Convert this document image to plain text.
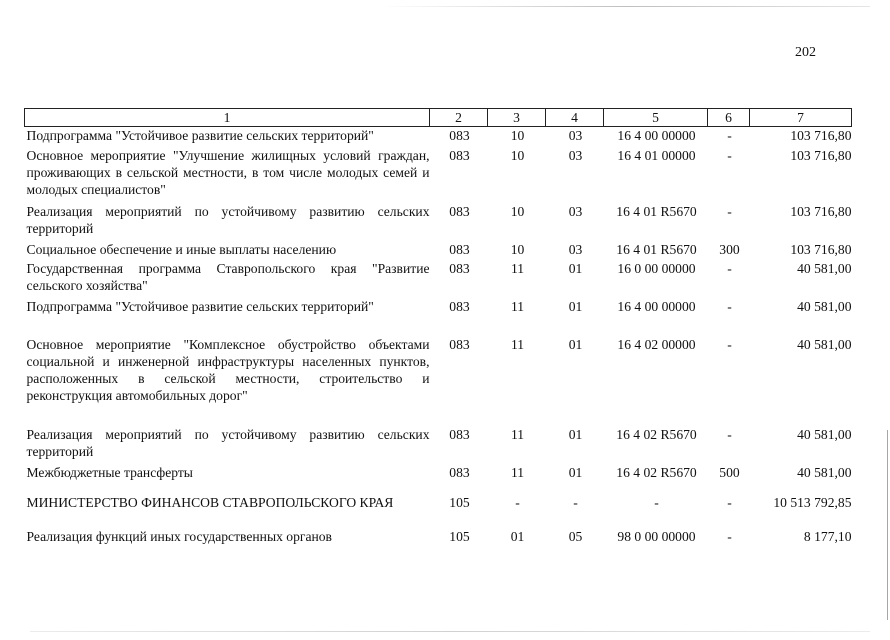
202
1	2	3	4	5	6	7
Подпрограмма "Устойчивое развитие сельских территорий"	083	10	03	16 4 00 00000	-	103 716,80
Основное мероприятие "Улучшение жилищных условий граждан, проживающих в сельской местности, в том числе молодых семей и молодых специалистов"	083	10	03	16 4 01 00000	-	103 716,80
Реализация мероприятий по устойчивому развитию сельских территорий	083	10	03	16 4 01 R5670	-	103 716,80
Социальное обеспечение и иные выплаты населению	083	10	03	16 4 01 R5670	300	103 716,80
Государственная программа Ставропольского края "Развитие сельского хозяйства"	083	11	01	16 0 00 00000	-	40 581,00
Подпрограмма "Устойчивое развитие сельских территорий"	083	11	01	16 4 00 00000	-	40 581,00
Основное мероприятие "Комплексное обустройство объектами социальной и инженерной инфраструктуры населенных пунктов, расположенных в сельской местности, строительство и реконструкция автомобильных дорог"	083	11	01	16 4 02 00000	-	40 581,00
Реализация мероприятий по устойчивому развитию сельских территорий	083	11	01	16 4 02 R5670	-	40 581,00
Межбюджетные трансферты	083	11	01	16 4 02 R5670	500	40 581,00
МИНИСТЕРСТВО ФИНАНСОВ СТАВРОПОЛЬСКОГО КРАЯ	105	-	-	-	-	10 513 792,85
Реализация функций иных государственных органов	105	01	05	98 0 00 00000	-	8 177,10
